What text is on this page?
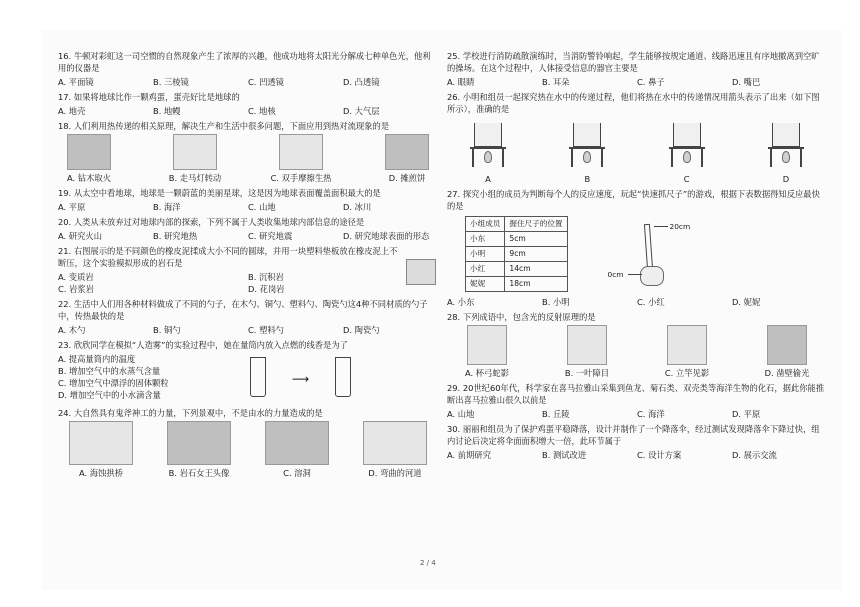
16. 牛顿对彩虹这一司空惯的自然现象产生了浓厚的兴趣，他成功地将太阳光分解成七种单色光，他利用的仪器是
A. 平面镜	B. 三棱镜	C. 凹透镜	D. 凸透镜
17. 如果将地球比作一颗鸡蛋，蛋壳好比是地球的
A. 地壳	B. 地幔	C. 地核	D. 大气层
18. 人们利用热传递的相关原理，解决生产和生活中很多问题，下面应用到热对流现象的是
A. 钻木取火	B. 走马灯转动	C. 双手摩擦生热	D. 摊煎饼
19. 从太空中看地球，地球是一颗蔚蓝的美丽星球，这是因为地球表面覆盖面积最大的是
A. 平原	B. 海洋	C. 山地	D. 冰川
20. 人类从未放弃过对地球内部的探索，下列不属于人类收集地球内部信息的途径是
A. 研究火山	B. 研究地热	C. 研究地震	D. 研究地球表面的形态
21. 右图展示的是不同颜色的橡皮泥揉成大小不同的圆球，并用一块塑料垫板放在橡皮泥上不断压，这个实验模拟形成的岩石是
A. 变质岩	B. 沉积岩
C. 岩浆岩	D. 花岗岩
22. 生活中人们用各种材料做成了不同的勺子，在木勺、铜勺、塑料勺、陶瓷勺这4种不同材质的勺子中，传热最快的是
A. 木勺	B. 铜勺	C. 塑料勺	D. 陶瓷勺
23. 欣欣同学在模拟“人造雾”的实验过程中，她在量筒内放入点燃的线香是为了
A. 提高量筒内的温度
B. 增加空气中的水蒸气含量
C. 增加空气中漂浮的固体颗粒
D. 增加空气中的小水滴含量
⟶
24. 大自然具有鬼斧神工的力量，下列景观中，不是由水的力量造成的是
A. 海蚀拱桥	B. 岩石女王头像	C. 溶洞	D. 弯曲的河道
25. 学校进行消防疏散演练时，当消防警铃响起，学生能够按规定通道、线路迅速且有序地撤离到空旷的操场。在这个过程中，人体接受信息的器官主要是
A. 眼睛	B. 耳朵	C. 鼻子	D. 嘴巴
26. 小明和组员一起探究热在水中的传递过程，他们将热在水中的传递情况用箭头表示了出来（如下图所示），准确的是
A	B	C	D
27. 探究小组的成员为判断每个人的反应速度，玩起“快速抓尺子”的游戏，根据下表数据得知反应最快的是
小组成员	握住尺子的位置
小东	5cm
小明	9cm
小红	14cm
妮妮	18cm
20cm
0cm
A. 小东	B. 小明	C. 小红	D. 妮妮
28. 下列成语中，包含光的反射原理的是
A. 杯弓蛇影	B. 一叶障目	C. 立竿见影	D. 凿壁偷光
29. 20世纪60年代，科学家在喜马拉雅山采集到鱼龙、菊石类、双壳类等海洋生物的化石，据此你能推断出喜马拉雅山很久以前是
A. 山地	B. 丘陵	C. 海洋	D. 平原
30. 丽丽和组员为了保护鸡蛋平稳降落，设计并制作了一个降落伞，经过测试发现降落伞下降过快，组内讨论后决定将伞面面积增大一倍，此环节属于
A. 前期研究	B. 测试改进	C. 设计方案	D. 展示交流
2 / 4
